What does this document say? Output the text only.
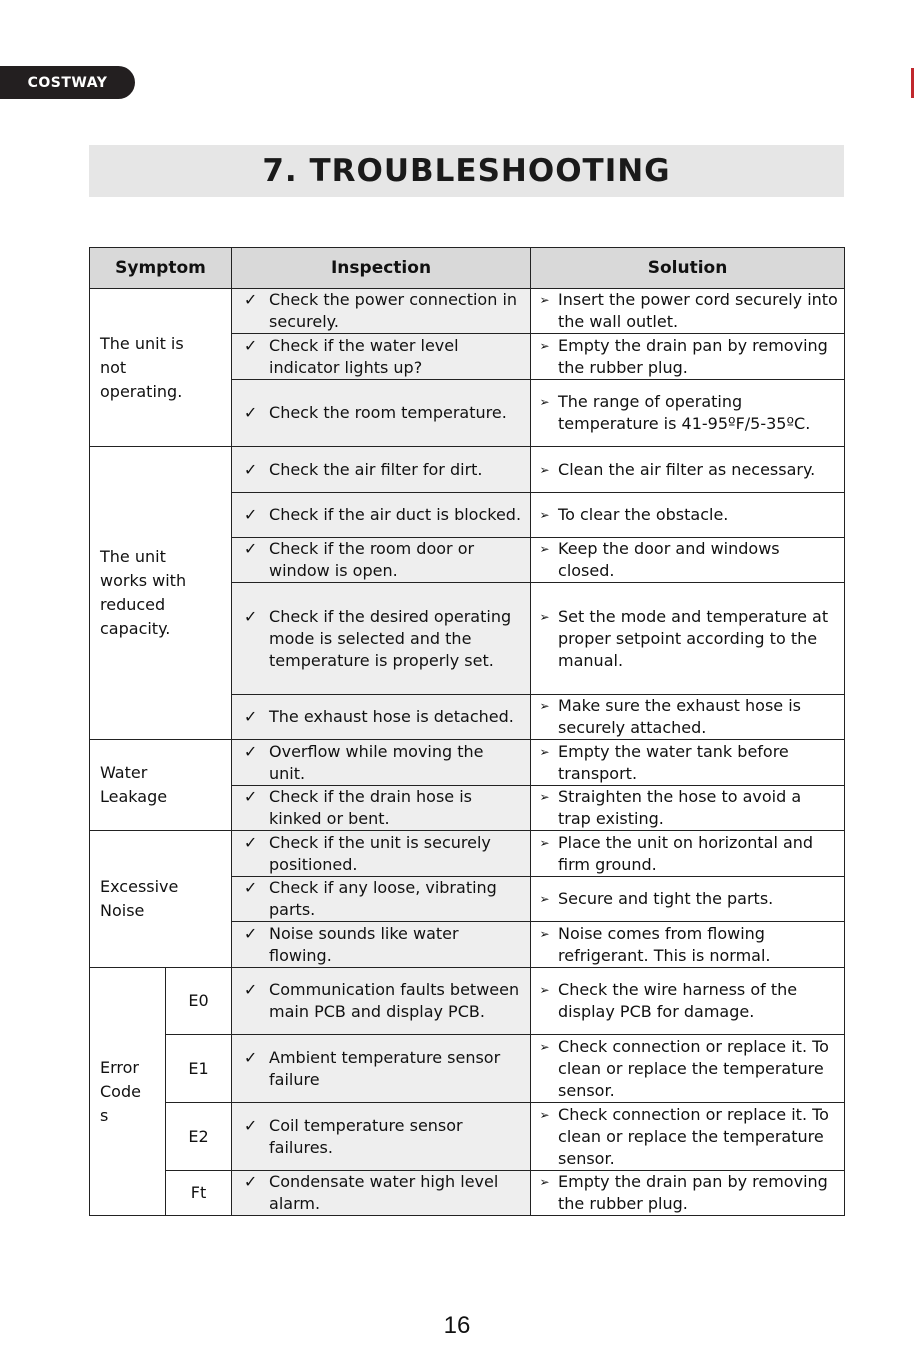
COSTWAY
7. TROUBLESHOOTING
Symptom		Inspection	Solution

The unit is
not
operating.		✓ Check the power connection in securely.	➢ Insert the power cord securely into the wall outlet.

		✓ Check if the water level indicator lights up?	➢ Empty the drain pan by removing the rubber plug.

		✓ Check the room temperature.	➢ The range of operating temperature is 41-95ºF/5-35ºC.

The unit
works with
reduced
capacity.		✓ Check the air filter for dirt.	➢ Clean the air filter as necessary.

		✓ Check if the air duct is blocked.	➢ To clear the obstacle.

		✓ Check if the room door or window is open.	➢ Keep the door and windows closed.

		✓ Check if the desired operating mode is selected and the temperature is properly set.	➢ Set the mode and temperature at proper setpoint according to the manual.

		✓ The exhaust hose is detached.	➢ Make sure the exhaust hose is securely attached.

Water
Leakage		✓ Overflow while moving the unit.	➢ Empty the water tank before transport.

		✓ Check if the drain hose is kinked or bent.	➢ Straighten the hose to avoid a trap existing.

Excessive
Noise		✓ Check if the unit is securely positioned.	➢ Place the unit on horizontal and firm ground.

		✓ Check if any loose, vibrating parts.	➢ Secure and tight the parts.

		✓ Noise sounds like water flowing.	➢ Noise comes from flowing refrigerant. This is normal.

Error
Code
s	E0	✓ Communication faults between main PCB and display PCB.	➢ Check the wire harness of the display PCB for damage.

	E1	✓ Ambient temperature sensor failure	➢ Check connection or replace it. To clean or replace the temperature sensor.

	E2	✓ Coil temperature sensor failures.	➢ Check connection or replace it. To clean or replace the temperature sensor.

	Ft	✓ Condensate water high level alarm.	➢ Empty the drain pan by removing the rubber plug.
16
